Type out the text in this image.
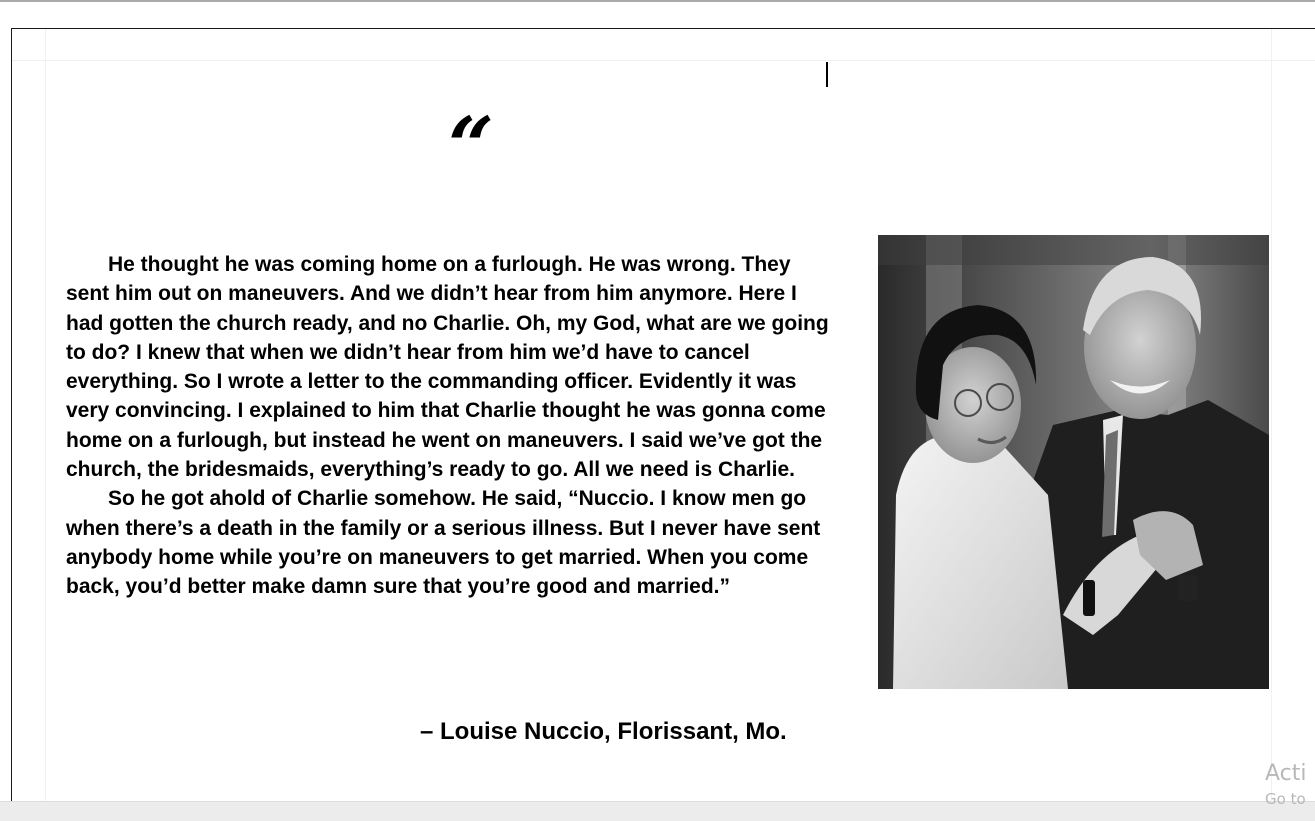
“

He thought he was coming home on a furlough. He was wrong. They sent him out on maneuvers. And we didn’t hear from him anymore. Here I had gotten the church ready, and no Charlie. Oh, my God, what are we going to do? I knew that when we didn’t hear from him we’d have to cancel everything. So I wrote a letter to the commanding officer. Evidently it was very convincing. I explained to him that Charlie thought he was gonna come home on a furlough, but instead he went on maneuvers. I said we’ve got the church, the bridesmaids, everything’s ready to go. All we need is Charlie.

So he got ahold of Charlie somehow. He said, “Nuccio. I know men go when there’s a death in the family or a serious illness. But I never have sent anybody home while you’re on maneuvers to get married. When you come back, you’d better make damn sure that you’re good and married.”

– Louise Nuccio, Florissant, Mo.
Acti
Go to
